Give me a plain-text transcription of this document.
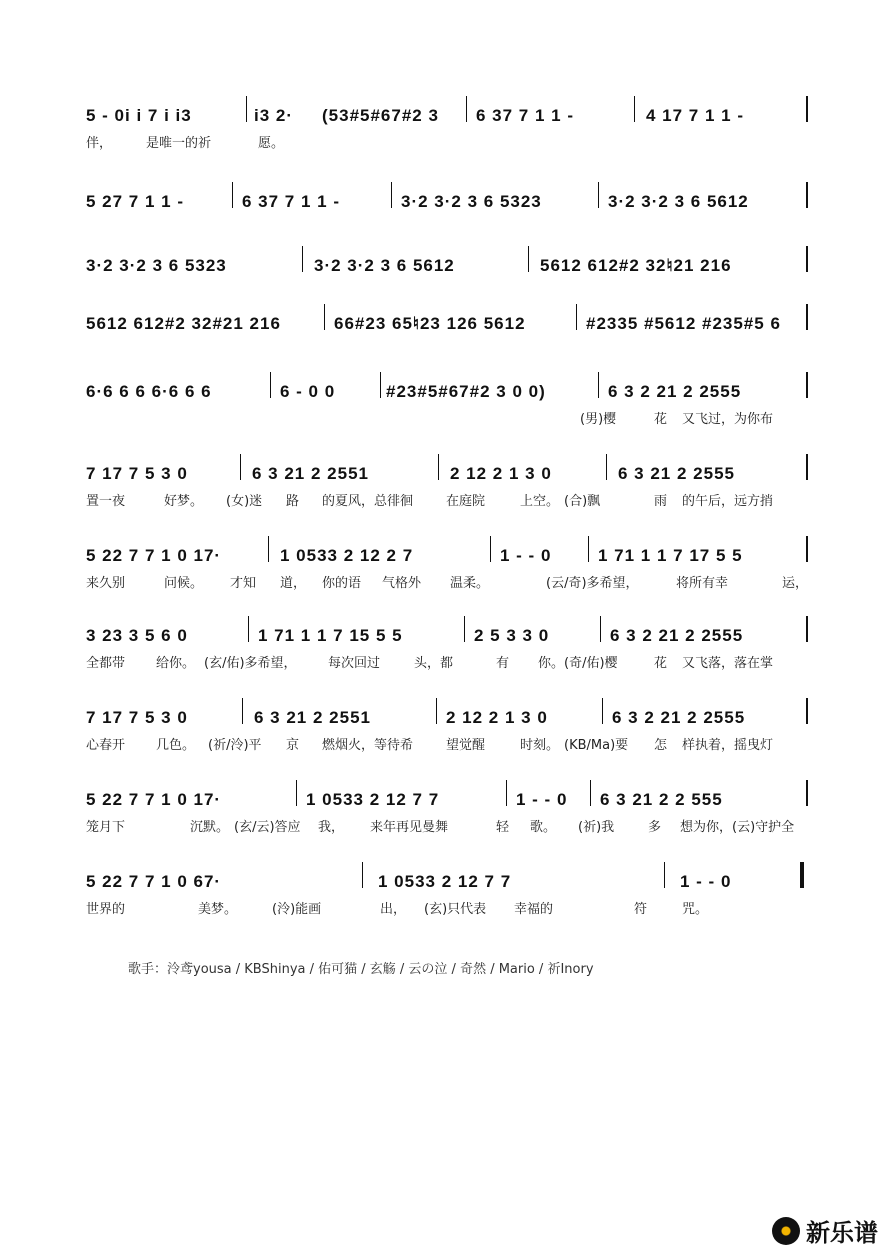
5 - 0i i 7 i i3	i3 2·	(53#5#67#2 3	6 37 7 1 1 -	4 17 7 1 1 -
伴，	是唯一的祈	愿。
5 27 7 1 1 -	6 37 7 1 1 -	3·2 3·2 3 6 5323	3·2 3·2 3 6 5612
3·2 3·2 3 6 5323	3·2 3·2 3 6 5612	5612 612#2 32♮21 216
5612 612#2 32#21 216	66#23 65♮23 126 5612	#2335 #5612 #235#5 6
6·6 6 6 6·6 6 6	6 - 0 0	#23#5#67#2 3 0 0)	6 3 2 21 2 2555
(男)樱	花 又飞过，为你布
7 17 7 5 3 0	6 3 21 2 2551	2 12 2 1 3 0	6 3 21 2 2555
置一夜	好梦。 (女)迷 路 的夏风，总徘徊	在庭院	上空。 (合)飘	雨 的午后，远方捎
5 22 7 7 1 0 17·	1 0533 2 12 2 7	1 - - 0	1 71 1 1 7 17 5 5
来久别	问候。 才知 道， 你的语 气格外 温柔。	(云/奇)多希望，	将所有幸	运，
3 23 3 5 6 0	1 71 1 1 7 15 5 5	2 5 3 3 0	6 3 2 21 2 2555
全都带 给你。 (玄/佑)多希望， 每次回过	头，都	有 你。 (奇/佑)樱	花 又飞落，落在掌
7 17 7 5 3 0	6 3 21 2 2551	2 12 2 1 3 0	6 3 2 21 2 2555
心春开 几色。 (祈/泠)平 京 燃烟火，等待希	望觉醒	时刻。 (KB/Ma)要 怎 样执着，摇曳灯
5 22 7 7 1 0 17·	1 0533 2 12 7 7	1 - - 0	6 3 21 2 2 555
笼月下	沉默。 (玄/云)答应 我， 来年再见曼舞	轻 歌。 (祈)我	多 想为你，(云)守护全
5 22 7 7 1 0 67·	1 0533 2 12 7 7	1 - - 0
世界的	美梦。	(泠)能画	出， (玄)只代表 幸福的	符	咒。
歌手：泠鸢yousa / KBShinya / 佑可猫 / 玄觞 / 云の泣 / 奇然 / Mario / 祈Inory
新乐谱
